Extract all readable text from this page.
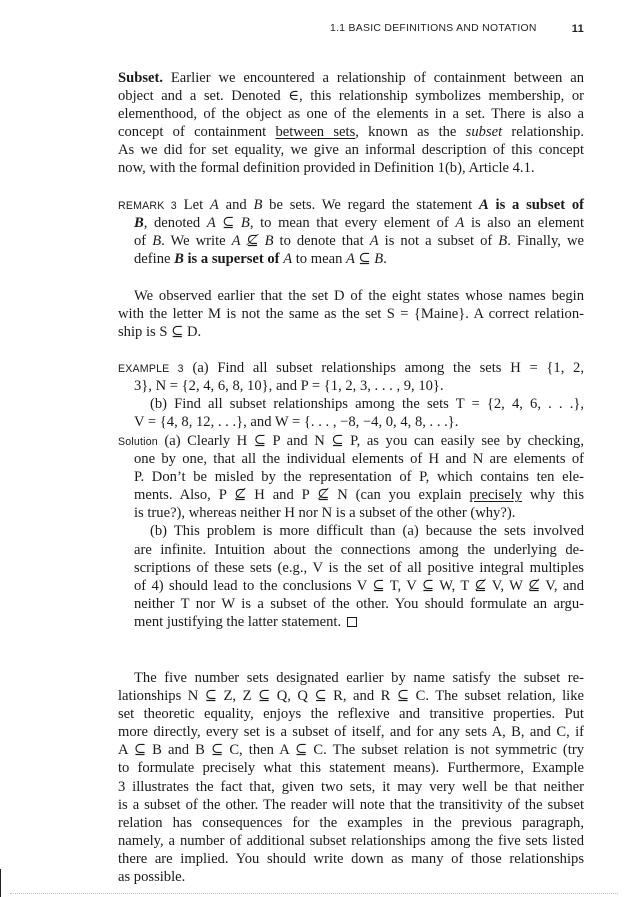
1.1 BASIC DEFINITIONS AND NOTATION	11
Subset. Earlier we encountered a relationship of containment between an
object and a set. Denoted ∈, this relationship symbolizes membership, or
elementhood, of the object as one of the elements in a set. There is also a
concept of containment between sets, known as the subset relationship.
As we did for set equality, we give an informal description of this concept
now, with the formal definition provided in Definition 1(b), Article 4.1.
REMARK 3 Let A and B be sets. We regard the statement A is a subset of
B, denoted A ⊆ B, to mean that every element of A is also an element
of B. We write A ⊈ B to denote that A is not a subset of B. Finally, we
define B is a superset of A to mean A ⊆ B.
We observed earlier that the set D of the eight states whose names begin
with the letter M is not the same as the set S = {Maine}. A correct relation-
ship is S ⊆ D.
EXAMPLE 3 (a) Find all subset relationships among the sets H = {1, 2,
3}, N = {2, 4, 6, 8, 10}, and P = {1, 2, 3, . . . , 9, 10}.
(b) Find all subset relationships among the sets T = {2, 4, 6, . . .},
V = {4, 8, 12, . . .}, and W = {. . . , −8, −4, 0, 4, 8, . . .}.
Solution (a) Clearly H ⊆ P and N ⊆ P, as you can easily see by checking,
one by one, that all the individual elements of H and N are elements of
P. Don’t be misled by the representation of P, which contains ten ele-
ments. Also, P ⊈ H and P ⊈ N (can you explain precisely why this
is true?), whereas neither H nor N is a subset of the other (why?).
(b) This problem is more difficult than (a) because the sets involved
are infinite. Intuition about the connections among the underlying de-
scriptions of these sets (e.g., V is the set of all positive integral multiples
of 4) should lead to the conclusions V ⊆ T, V ⊆ W, T ⊈ V, W ⊈ V, and
neither T nor W is a subset of the other. You should formulate an argu-
ment justifying the latter statement.
The five number sets designated earlier by name satisfy the subset re-
lationships N ⊆ Z, Z ⊆ Q, Q ⊆ R, and R ⊆ C. The subset relation, like
set theoretic equality, enjoys the reflexive and transitive properties. Put
more directly, every set is a subset of itself, and for any sets A, B, and C, if
A ⊆ B and B ⊆ C, then A ⊆ C. The subset relation is not symmetric (try
to formulate precisely what this statement means). Furthermore, Example
3 illustrates the fact that, given two sets, it may very well be that neither
is a subset of the other. The reader will note that the transitivity of the subset
relation has consequences for the examples in the previous paragraph,
namely, a number of additional subset relationships among the five sets listed
there are implied. You should write down as many of those relationships
as possible.
